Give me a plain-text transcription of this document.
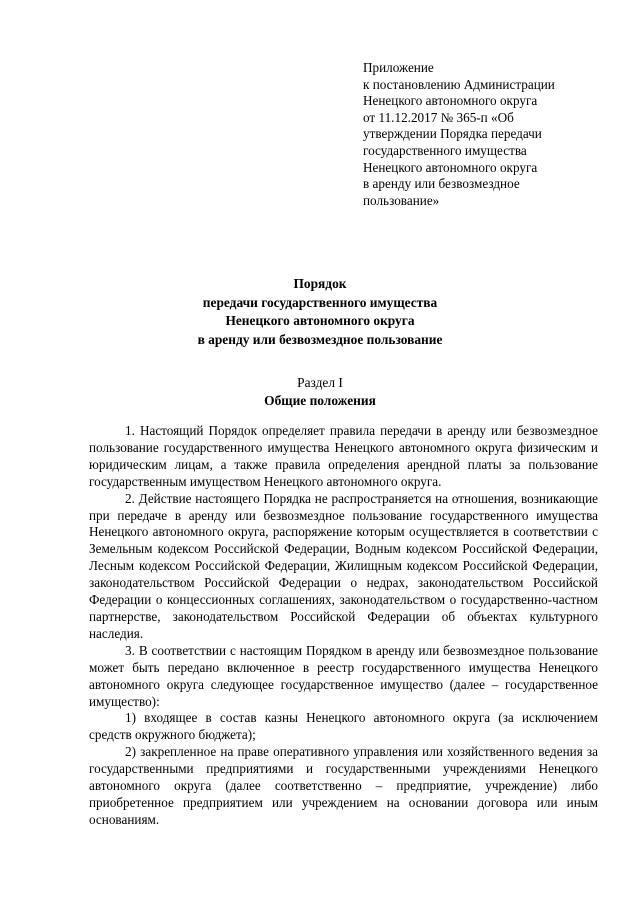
Приложение
к постановлению Администрации
Ненецкого автономного округа
от 11.12.2017 № 365-п «Об
утверждении Порядка передачи
государственного имущества
Ненецкого автономного округа
в аренду или безвозмездное
пользование»
Порядок
передачи государственного имущества
Ненецкого автономного округа
в аренду или безвозмездное пользование
Раздел I
Общие положения

1. Настоящий Порядок определяет правила передачи в аренду или безвозмездное пользование государственного имущества Ненецкого автономного округа физическим и юридическим лицам, а также правила определения арендной платы за пользование государственным имуществом Ненецкого автономного округа.

2. Действие настоящего Порядка не распространяется на отношения, возникающие при передаче в аренду или безвозмездное пользование государственного имущества Ненецкого автономного округа, распоряжение которым осуществляется в соответствии с Земельным кодексом Российской Федерации, Водным кодексом Российской Федерации, Лесным кодексом Российской Федерации, Жилищным кодексом Российской Федерации, законодательством Российской Федерации о недрах, законодательством Российской Федерации о концессионных соглашениях, законодательством о государственно-частном партнерстве, законодательством Российской Федерации об объектах культурного наследия.

3. В соответствии с настоящим Порядком в аренду или безвозмездное пользование может быть передано включенное в реестр государственного имущества Ненецкого автономного округа следующее государственное имущество (далее – государственное имущество):

1) входящее в состав казны Ненецкого автономного округа (за исключением средств окружного бюджета);

2) закрепленное на праве оперативного управления или хозяйственного ведения за государственными предприятиями и государственными учреждениями Ненецкого автономного округа (далее соответственно – предприятие, учреждение) либо приобретенное предприятием или учреждением на основании договора или иным основаниям.
